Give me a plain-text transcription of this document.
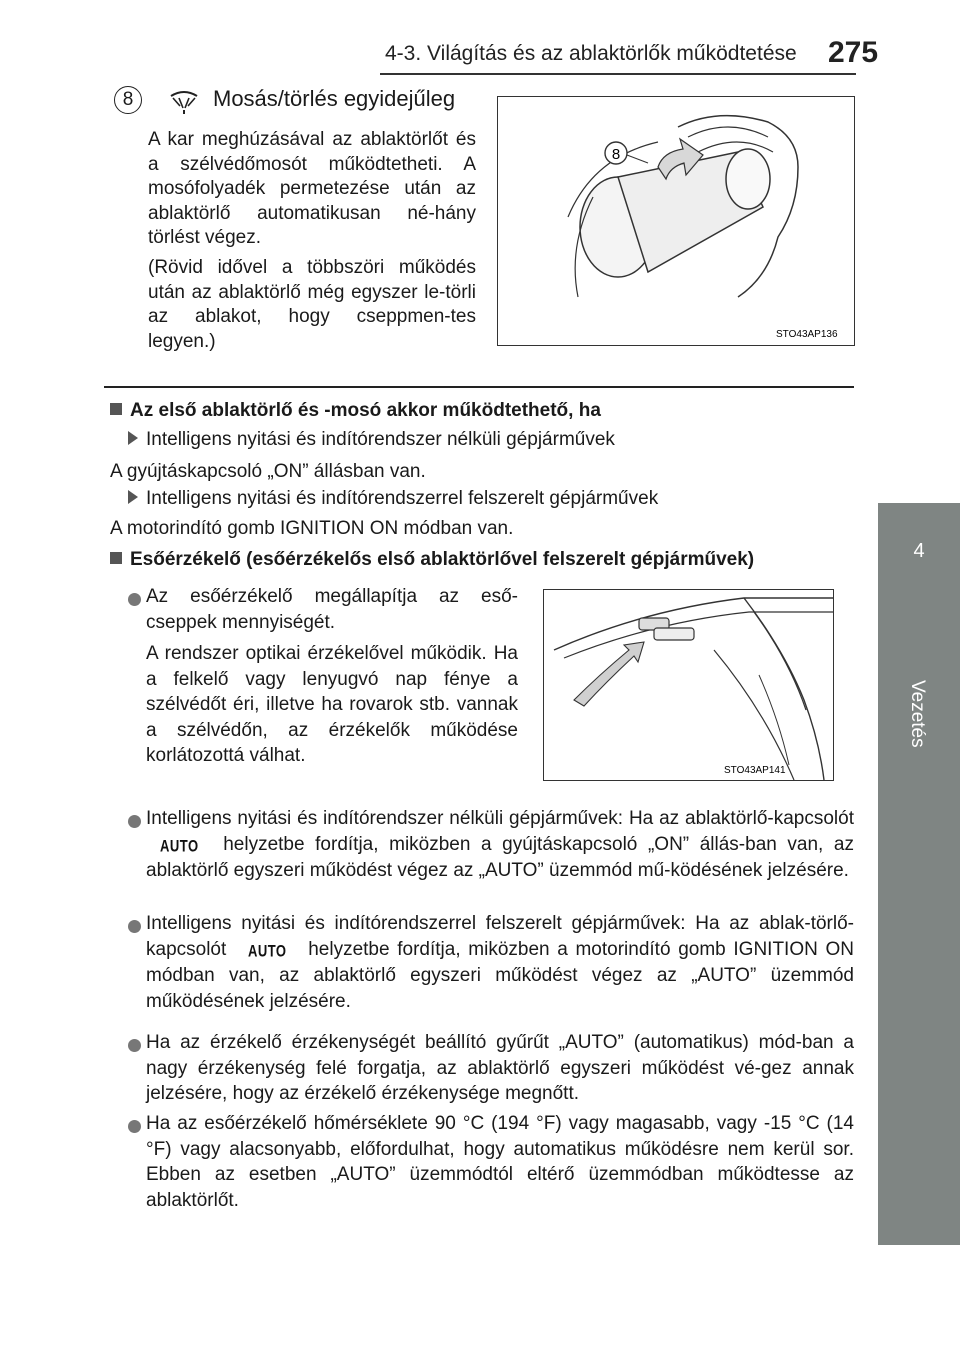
4-3. Világítás és az ablaktörlők működtetése 275
4
Vezetés
8	Mosás/törlés egyidejűleg
A kar meghúzásával az ablaktörlőt és a szélvédőmosót működtetheti. A mosófolyadék permetezése után az ablaktörlő automatikusan né-hány törlést végez.
(Rövid idővel a többszöri működés után az ablaktörlő még egyszer le-törli az ablakot, hogy cseppmen-tes legyen.)
8
STO43AP136
Az első ablaktörlő és -mosó akkor működtethető, ha
Intelligens nyitási és indítórendszer nélküli gépjárművek
A gyújtáskapcsoló „ON” állásban van.
Intelligens nyitási és indítórendszerrel felszerelt gépjárművek
A motorindító gomb IGNITION ON módban van.
Esőérzékelő (esőérzékelős első ablaktörlővel felszerelt gépjárművek)
Az esőérzékelő megállapítja az eső-cseppek mennyiségét.
A rendszer optikai érzékelővel működik. Ha a felkelő vagy lenyugvó nap fénye a szélvédőt éri, illetve ha rovarok stb. vannak a szélvédőn, az érzékelők működése korlátozottá válhat.
STO43AP141
Intelligens nyitási és indítórendszer nélküli gépjárművek: Ha az ablaktörlő-kapcsolót AUTO helyzetbe fordítja, miközben a gyújtáskapcsoló „ON” állás-ban van, az ablaktörlő egyszeri működést végez az „AUTO” üzemmód mű-ködésének jelzésére.
Intelligens nyitási és indítórendszerrel felszerelt gépjárművek: Ha az ablak-törlő-kapcsolót AUTO helyzetbe fordítja, miközben a motorindító gomb IGNITION ON módban van, az ablaktörlő egyszeri működést végez az „AUTO” üzemmód működésének jelzésére.
Ha az érzékelő érzékenységét beállító gyűrűt „AUTO” (automatikus) mód-ban a nagy érzékenység felé forgatja, az ablaktörlő egyszeri működést vé-gez annak jelzésére, hogy az érzékelő érzékenysége megnőtt.
Ha az esőérzékelő hőmérséklete 90 °C (194 °F) vagy magasabb, vagy -15 °C (14 °F) vagy alacsonyabb, előfordulhat, hogy automatikus működésre nem kerül sor. Ebben az esetben „AUTO” üzemmódtól eltérő üzemmódban működtesse az ablaktörlőt.
